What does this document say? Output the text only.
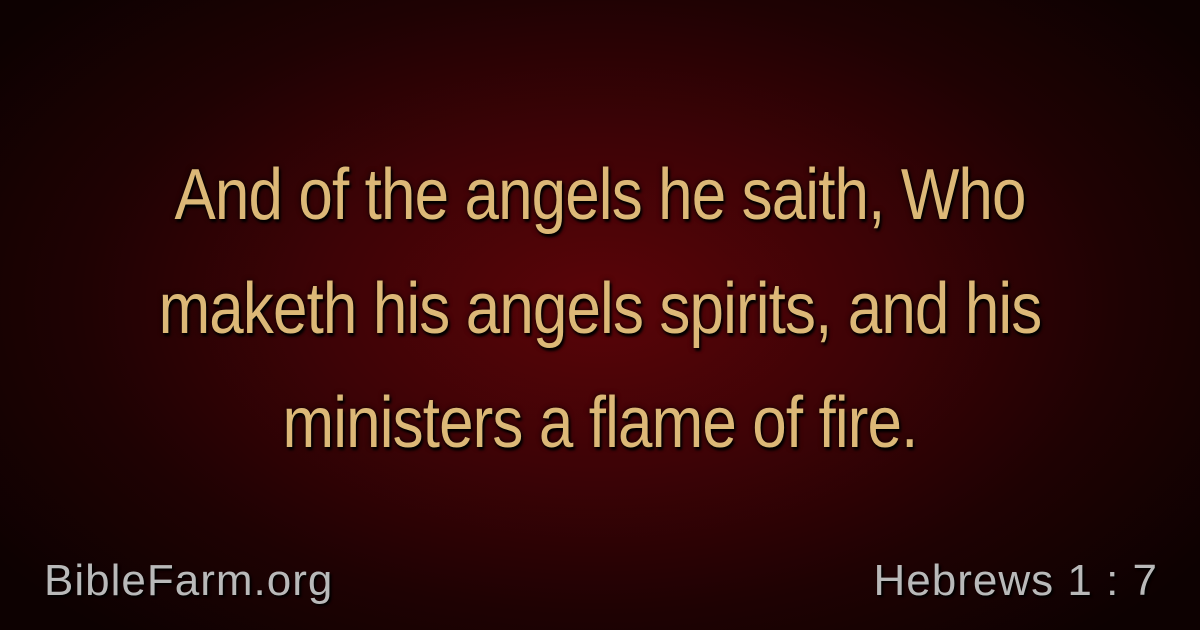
And of the angels he saith, Who maketh his angels spirits, and his ministers a flame of fire.

BibleFarm.org	Hebrews 1 : 7
